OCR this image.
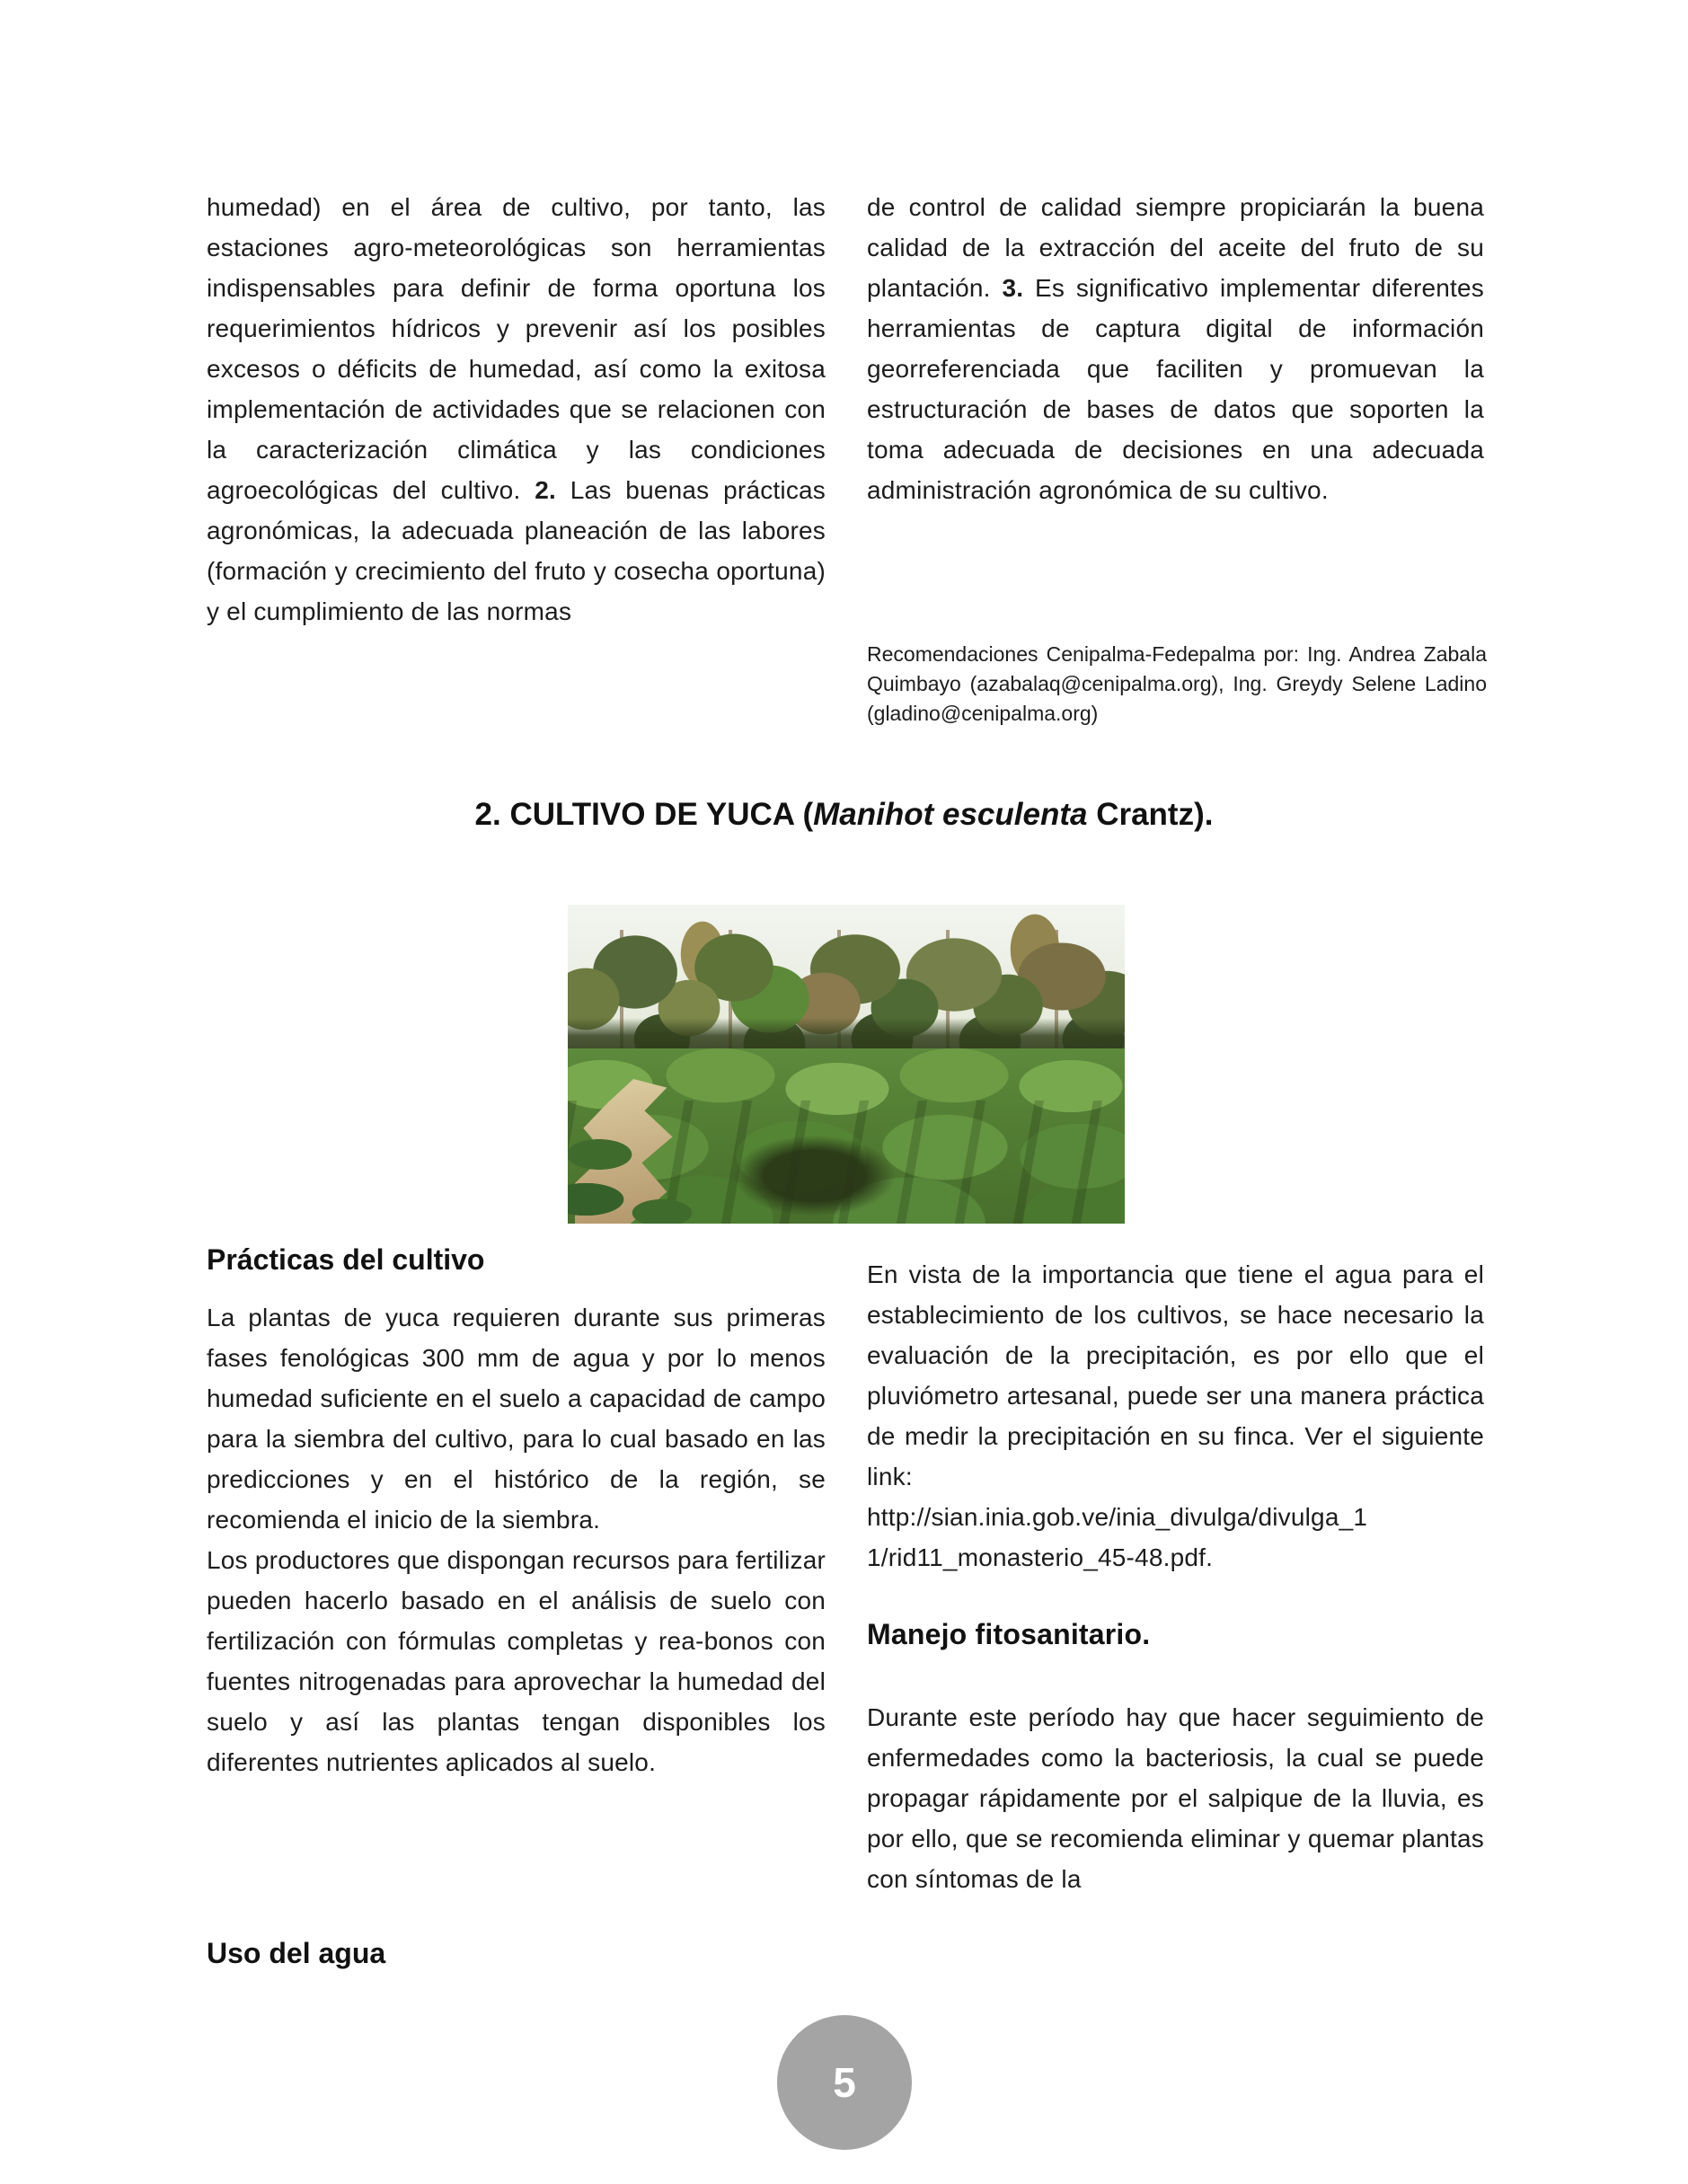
humedad) en el área de cultivo, por tanto, las estaciones agro-meteorológicas son herramientas indispensables para definir de forma oportuna los requerimientos hídricos y prevenir así los posibles excesos o déficits de humedad, así como la exitosa implementación de actividades que se relacionen con la caracterización climática y las condiciones agroecológicas del cultivo. 2. Las buenas prácticas agronómicas, la adecuada planeación de las labores (formación y crecimiento del fruto y cosecha oportuna) y el cumplimiento de las normas

de control de calidad siempre propiciarán la buena calidad de la extracción del aceite del fruto de su plantación. 3. Es significativo implementar diferentes herramientas de captura digital de información georreferenciada que faciliten y promuevan la estructuración de bases de datos que soporten la toma adecuada de decisiones en una adecuada administración agronómica de su cultivo.

Recomendaciones Cenipalma-Fedepalma por: Ing. Andrea Zabala Quimbayo (azabalaq@cenipalma.org), Ing. Greydy Selene Ladino (gladino@cenipalma.org)
2. CULTIVO DE YUCA (Manihot esculenta Crantz).
Prácticas del cultivo

La plantas de yuca requieren durante sus primeras fases fenológicas 300 mm de agua y por lo menos humedad suficiente en el suelo a capacidad de campo para la siembra del cultivo, para lo cual basado en las predicciones y en el histórico de la región, se recomienda el inicio de la siembra.

Los productores que dispongan recursos para fertilizar pueden hacerlo basado en el análisis de suelo con fertilización con fórmulas completas y rea-bonos con fuentes nitrogenadas para aprovechar la humedad del suelo y así las plantas tengan disponibles los diferentes nutrientes aplicados al suelo.

Uso del agua

En vista de la importancia que tiene el agua para el establecimiento de los cultivos, se hace necesario la evaluación de la precipitación, es por ello que el pluviómetro artesanal, puede ser una manera práctica de medir la precipitación en su finca. Ver el siguiente link:

http://sian.inia.gob.ve/inia_divulga/divulga_1
1/rid11_monasterio_45-48.pdf.

Manejo fitosanitario.

Durante este período hay que hacer seguimiento de enfermedades como la bacteriosis, la cual se puede propagar rápidamente por el salpique de la lluvia, es por ello, que se recomienda eliminar y quemar plantas con síntomas de la

5
